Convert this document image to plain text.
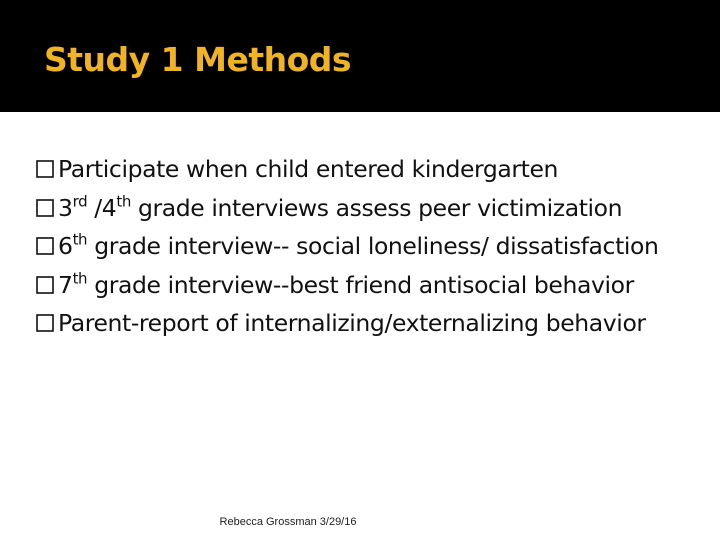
Study 1 Methods
Participate when child entered kindergarten
3rd /4th grade interviews assess peer victimization
6th grade interview-- social loneliness/ dissatisfaction
7th grade interview--best friend antisocial behavior
Parent-report of internalizing/externalizing behavior
Rebecca Grossman 3/29/16
